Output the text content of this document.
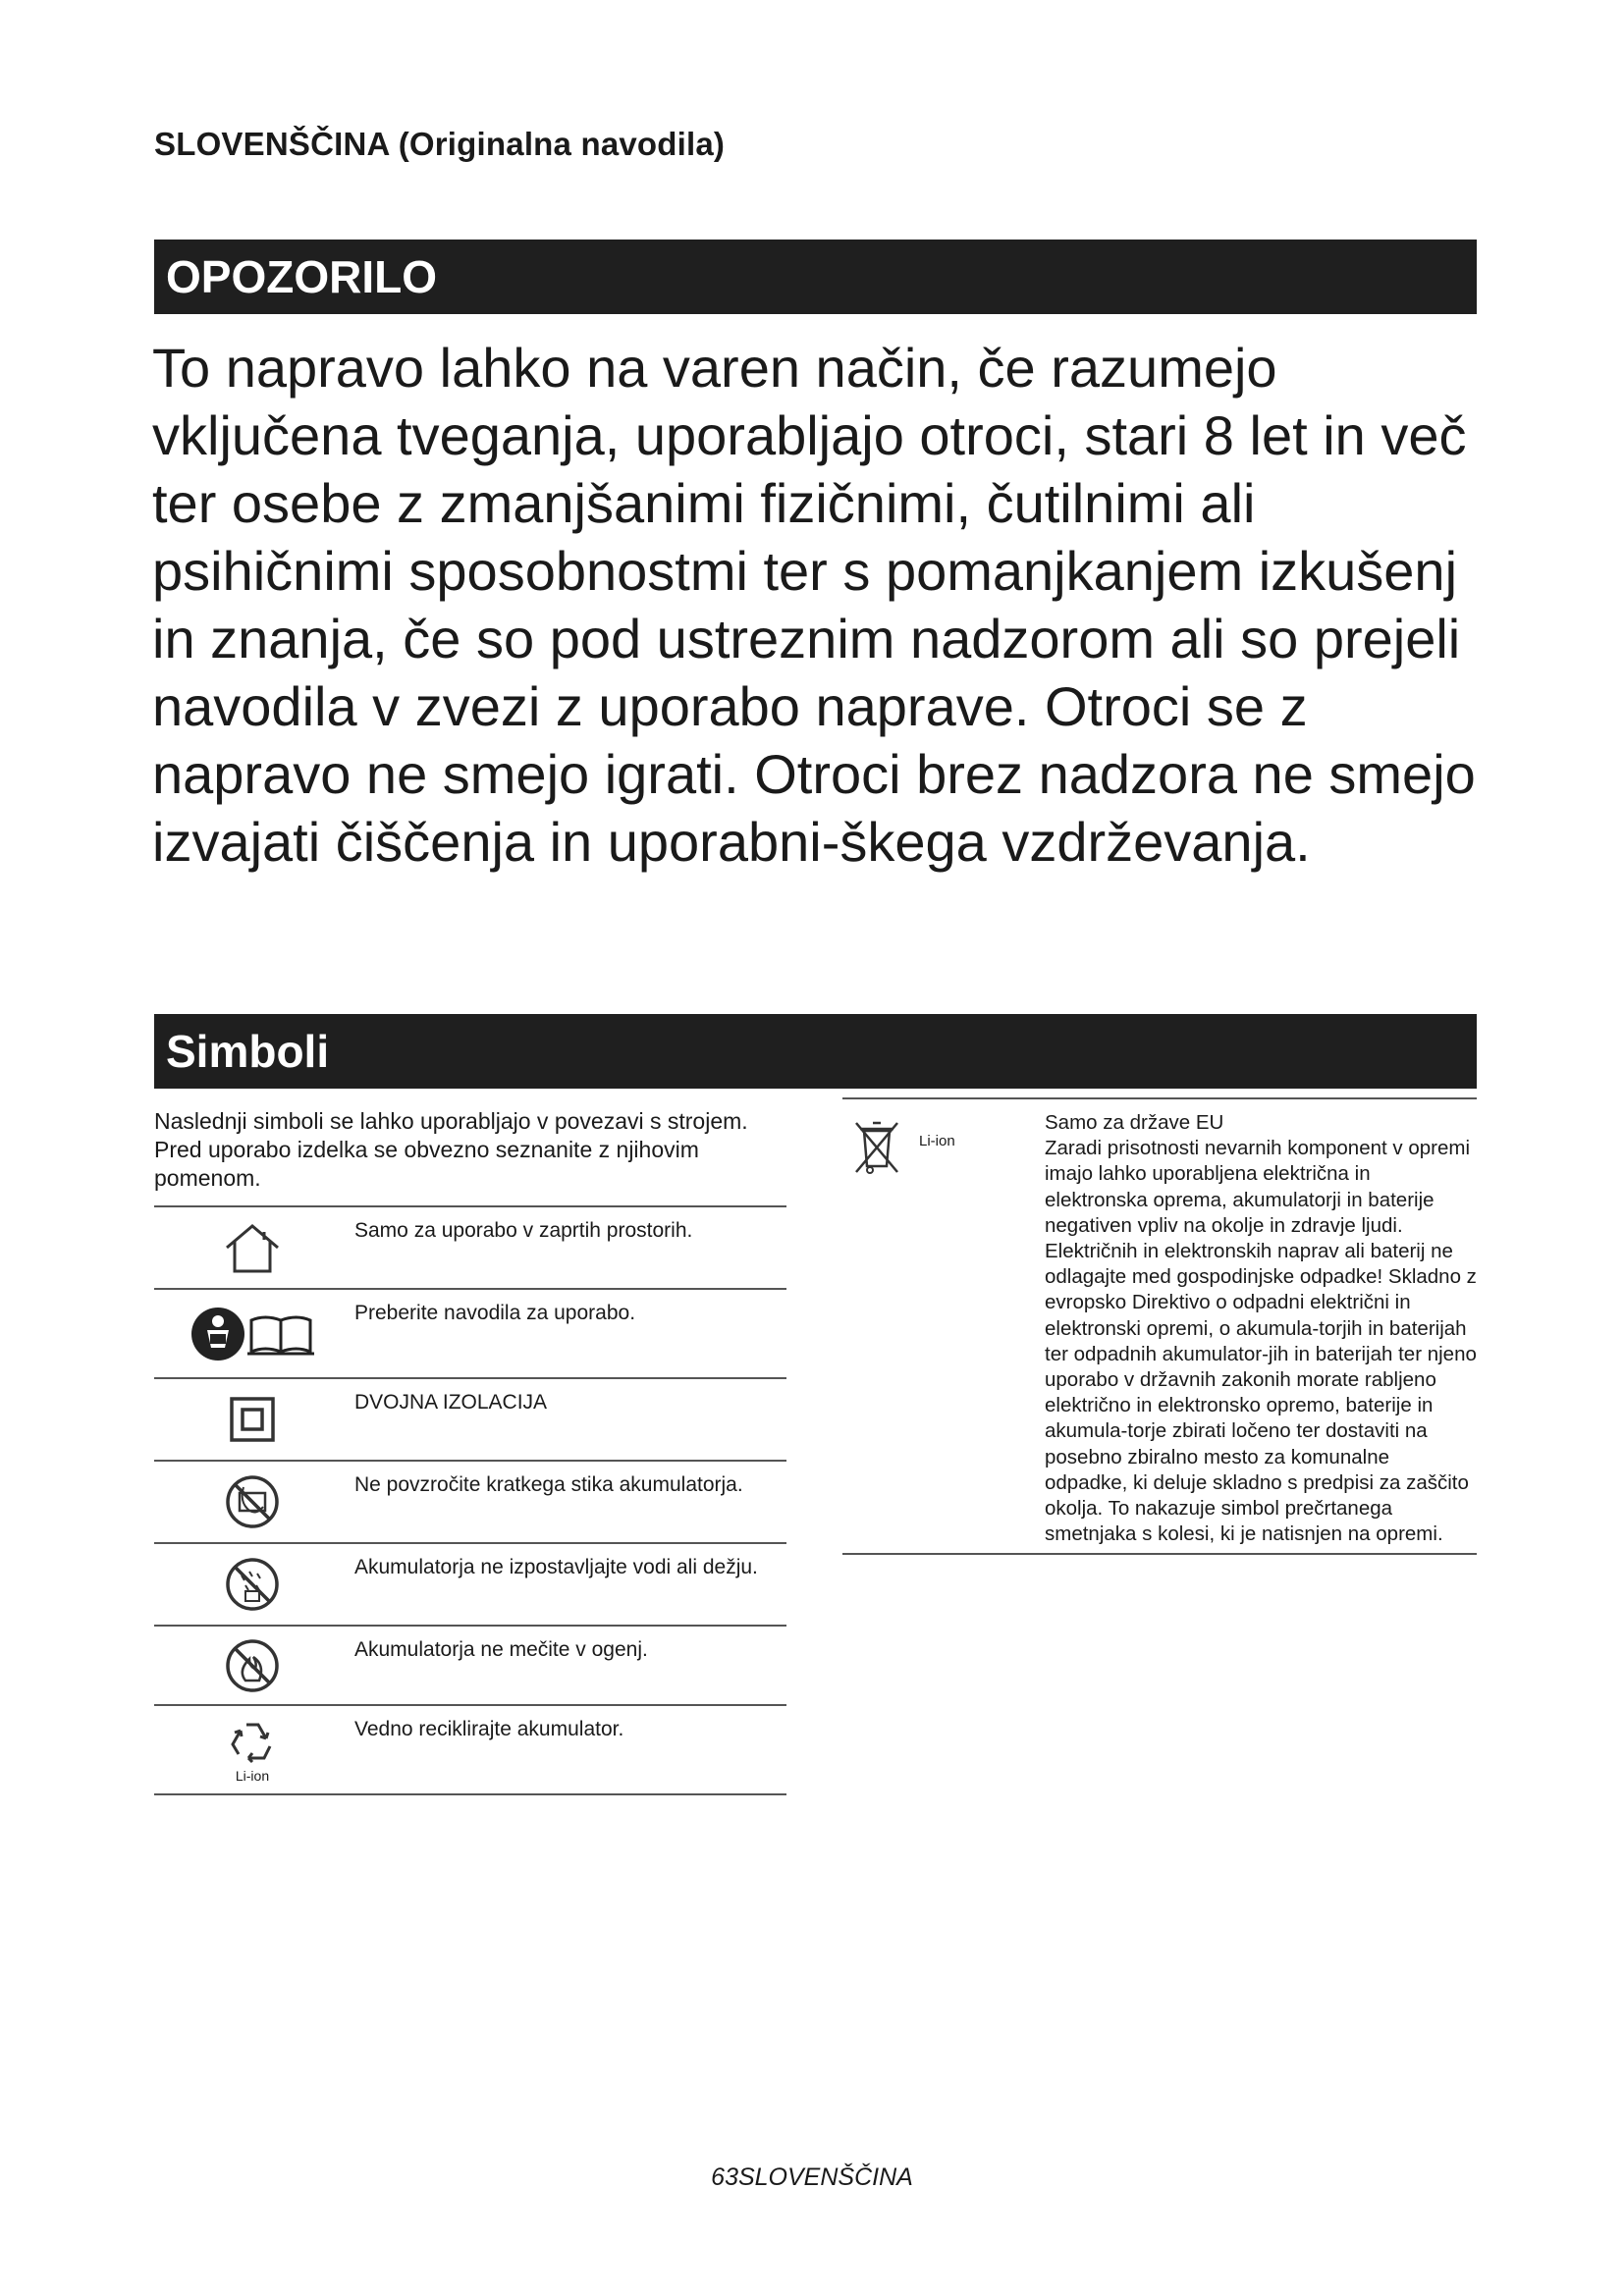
SLOVENŠČINA (Originalna navodila)
OPOZORILO
To napravo lahko na varen način, če razumejo vključena tveganja, uporabljajo otroci, stari 8 let in več ter osebe z zmanjšanimi fizičnimi, čutilnimi ali psihičnimi sposobnostmi ter s pomanjkanjem izkušenj in znanja, če so pod ustreznim nadzorom ali so prejeli navodila v zvezi z uporabo naprave. Otroci se z napravo ne smejo igrati. Otroci brez nadzora ne smejo izvajati čiščenja in uporabni-škega vzdrževanja.
Simboli
Naslednji simboli se lahko uporabljajo v povezavi s strojem. Pred uporabo izdelka se obvezno seznanite z njihovim pomenom.
Samo za uporabo v zaprtih prostorih.
Preberite navodila za uporabo.
DVOJNA IZOLACIJA
Ne povzročite kratkega stika akumulatorja.
Akumulatorja ne izpostavljajte vodi ali dežju.
Akumulatorja ne mečite v ogenj.
Li-ion
Vedno reciklirajte akumulator.
Li-ion
Samo za države EU
Zaradi prisotnosti nevarnih komponent v opremi imajo lahko uporabljena električna in elektronska oprema, akumulatorji in baterije negativen vpliv na okolje in zdravje ljudi. Električnih in elektronskih naprav ali baterij ne odlagajte med gospodinjske odpadke! Skladno z evropsko Direktivo o odpadni električni in elektronski opremi, o akumula-torjih in baterijah ter odpadnih akumulator-jih in baterijah ter njeno uporabo v državnih zakonih morate rabljeno električno in elektronsko opremo, baterije in akumula-torje zbirati ločeno ter dostaviti na posebno zbiralno mesto za komunalne odpadke, ki deluje skladno s predpisi za zaščito okolja. To nakazuje simbol prečrtanega smetnjaka s kolesi, ki je natisnjen na opremi.
63SLOVENŠČINA
